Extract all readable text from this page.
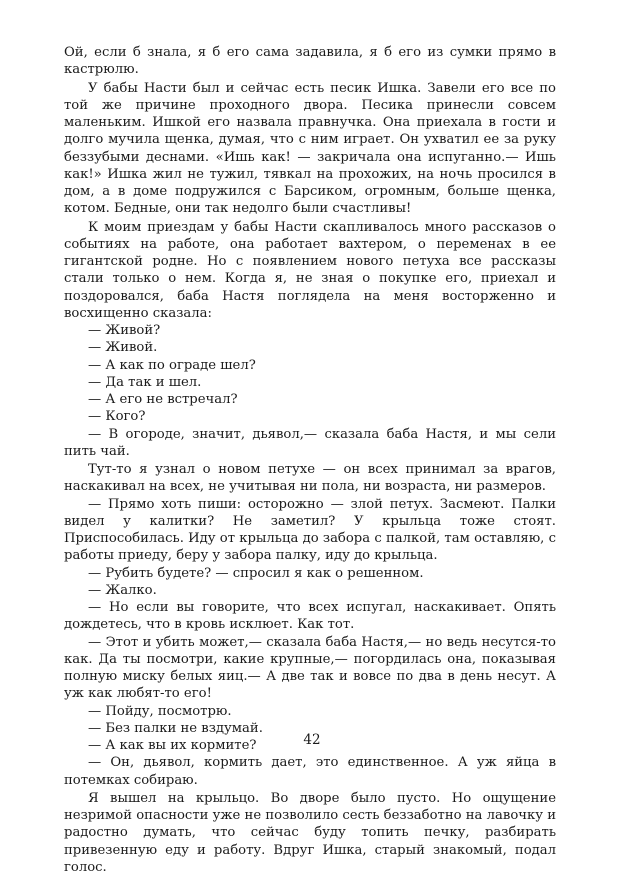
Ой, если б знала, я б его сама задавила, я б его из сумки прямо в кастрюлю.

У бабы Насти был и сейчас есть песик Ишка. Завели его все по той же причине проходного двора. Песика принесли совсем маленьким. Ишкой его назвала правнучка. Она приехала в гости и долго мучила щенка, думая, что с ним играет. Он ухватил ее за руку беззубыми деснами. «Ишь как! — закричала она испуганно.— Ишь как!» Ишка жил не тужил, тявкал на прохожих, на ночь просился в дом, а в доме подружился с Барсиком, огромным, больше щенка, котом. Бедные, они так недолго были счастливы!

К моим приездам у бабы Насти скапливалось много рассказов о событиях на работе, она работает вахтером, о переменах в ее гигантской родне. Но с появлением нового петуха все рассказы стали только о нем. Когда я, не зная о покупке его, приехал и поздоровался, баба Настя поглядела на меня восторженно и восхищенно сказала:

— Живой?

— Живой.

— А как по ограде шел?

— Да так и шел.

— А его не встречал?

— Кого?

— В огороде, значит, дьявол,— сказала баба Настя, и мы сели пить чай.

Тут-то я узнал о новом петухе — он всех принимал за врагов, наскакивал на всех, не учитывая ни пола, ни возраста, ни размеров.

— Прямо хоть пиши: осторожно — злой петух. Засмеют. Палки видел у калитки? Не заметил? У крыльца тоже стоят. Приспособилась. Иду от крыльца до забора с палкой, там оставляю, с работы приеду, беру у забора палку, иду до крыльца.

— Рубить будете? — спросил я как о решенном.

— Жалко.

— Но если вы говорите, что всех испугал, наскакивает. Опять дождетесь, что в кровь исклюет. Как тот.

— Этот и убить может,— сказала баба Настя,— но ведь несутся-то как. Да ты посмотри, какие крупные,— погордилась она, показывая полную миску белых яиц.— А две так и вовсе по два в день несут. А уж как любят-то его!

— Пойду, посмотрю.

— Без палки не вздумай.

— А как вы их кормите?

— Он, дьявол, кормить дает, это единственное. А уж яйца в потемках собираю.

Я вышел на крыльцо. Во дворе было пусто. Но ощущение незримой опасности уже не позволило сесть беззаботно на лавочку и радостно думать, что сейчас буду топить печку, разбирать привезенную еду и работу. Вдруг Ишка, старый знакомый, подал голос.

42
